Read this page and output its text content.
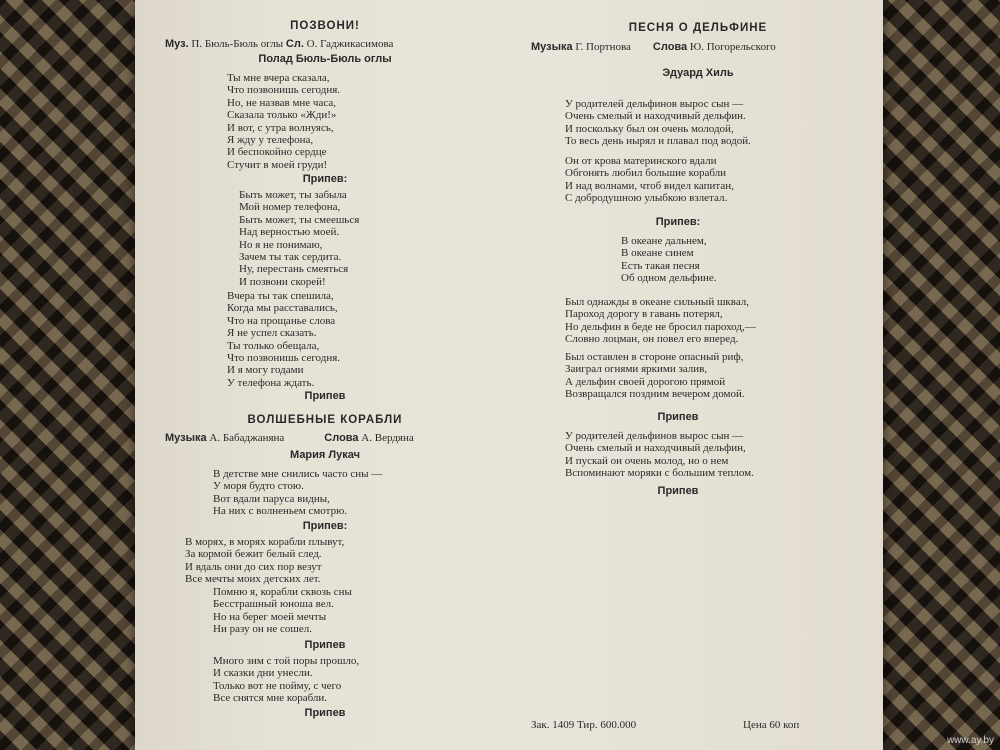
ПОЗВОНИ!

Муз. П. Бюль-Бюль оглы Сл. О. Гаджикасимова

Полад Бюль-Бюль оглы

Ты мне вчера сказала,
Что позвонишь сегодня.
Но, не назвав мне часа,
Сказала только «Жди!»
И вот, с утра волнуясь,
Я жду у телефона,
И беспокойно сердце
Стучит в моей груди!

Припев:

Быть может, ты забыла
Мой номер телефона,
Быть может, ты смеешься
Над верностью моей.
Но я не понимаю,
Зачем ты так сердита.
Ну, перестань смеяться
И позвони скорей!

Вчера ты так спешила,
Когда мы расставались,
Что на прощанье слова
Я не успел сказать.
Ты только обещала,
Что позвонишь сегодня.
И я могу годами
У телефона ждать.

Припев

ВОЛШЕБНЫЕ КОРАБЛИ

Музыка А. Бабаджаняна	Слова А. Вердяна

Мария Лукач

В детстве мне снились часто сны —
У моря будто стою.
Вот вдали паруса видны,
На них с волненьем смотрю.

Припев:

В морях, в морях корабли плывут,
За кормой бежит белый след.
И вдаль они до сих пор везут
Все мечты моих детских лет.

Помню я, корабли сквозь сны
Бесстрашный юноша вел.
Но на берег моей мечты
Ни разу он не сошел.

Припев

Много зим с той поры прошло,
И сказки дни унесли.
Только вот не пойму, с чего
Все снятся мне корабли.

Припев

ПЕСНЯ О ДЕЛЬФИНЕ

Музыка Г. Портнова Слова Ю. Погорельского

Эдуард Хиль

У родителей дельфинов вырос сын —
Очень смелый и находчивый дельфин.
И поскольку был он очень молодой,
То весь день нырял и плавал под водой.

Он от крова материнского вдали
Обгонять любил большие корабли
И над волнами, чтоб видел капитан,
С добродушною улыбкою взлетал.

Припев:

В океане дальнем,
В океане синем
Есть такая песня
Об одном дельфине.

Был однажды в океане сильный шквал,
Пароход дорогу в гавань потерял,
Но дельфин в беде не бросил пароход,—
Словно лоцман, он повел его вперед.

Был оставлен в стороне опасный риф,
Заиграл огнями яркими залив,
А дельфин своей дорогою прямой
Возвращался поздним вечером домой.

Припев

У родителей дельфинов вырос сын —
Очень смелый и находчивый дельфин,
И пускай он очень молод, но о нем
Вспоминают моряки с большим теплом.

Припев

Зак. 1409 Тир. 600.000	Цена 60 коп

www.ay.by
